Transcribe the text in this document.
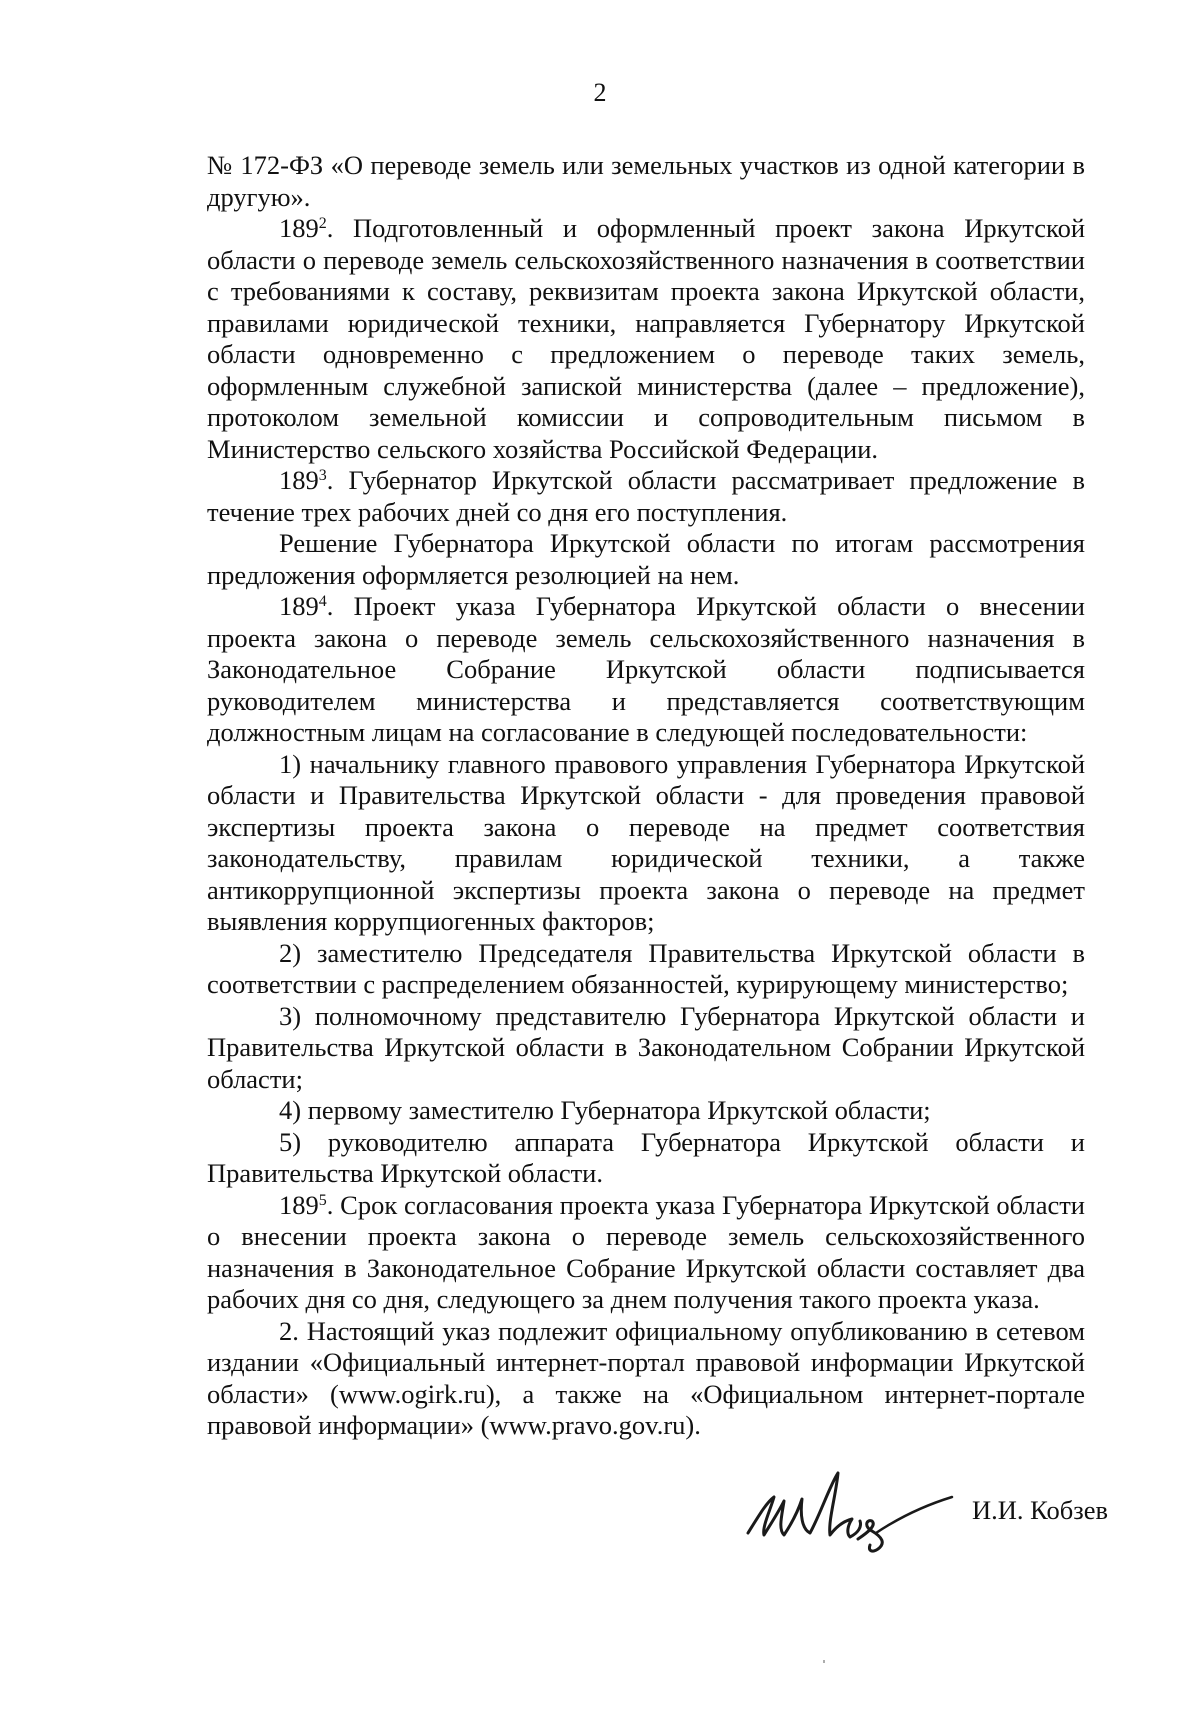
2

№ 172-ФЗ «О переводе земель или земельных участков из одной категории в другую».

$189^2$. Подготовленный и оформленный проект закона Иркутской области о переводе земель сельскохозяйственного назначения в соответствии с требованиями к составу, реквизитам проекта закона Иркутской области, правилами юридической техники, направляется Губернатору Иркутской области одновременно с предложением о переводе таких земель, оформленным служебной запиской министерства (далее – предложение), протоколом земельной комиссии и сопроводительным письмом в Министерство сельского хозяйства Российской Федерации.

$189^3$. Губернатор Иркутской области рассматривает предложение в течение трех рабочих дней со дня его поступления.

Решение Губернатора Иркутской области по итогам рассмотрения предложения оформляется резолюцией на нем.

$189^4$. Проект указа Губернатора Иркутской области о внесении проекта закона о переводе земель сельскохозяйственного назначения в Законодательное Собрание Иркутской области подписывается руководителем министерства и представляется соответствующим должностным лицам на согласование в следующей последовательности:

1) начальнику главного правового управления Губернатора Иркутской области и Правительства Иркутской области - для проведения правовой экспертизы проекта закона о переводе на предмет соответствия законодательству, правилам юридической техники, а также антикоррупционной экспертизы проекта закона о переводе на предмет выявления коррупциогенных факторов;

2) заместителю Председателя Правительства Иркутской области в соответствии с распределением обязанностей, курирующему министерство;

3) полномочному представителю Губернатора Иркутской области и Правительства Иркутской области в Законодательном Собрании Иркутской области;

4) первому заместителю Губернатора Иркутской области;

5) руководителю аппарата Губернатора Иркутской области и Правительства Иркутской области.

$189^5$. Срок согласования проекта указа Губернатора Иркутской области о внесении проекта закона о переводе земель сельскохозяйственного назначения в Законодательное Собрание Иркутской области составляет два рабочих дня со дня, следующего за днем получения такого проекта указа.

2. Настоящий указ подлежит официальному опубликованию в сетевом издании «Официальный интернет-портал правовой информации Иркутской области» (www.ogirk.ru), а также на «Официальном интернет-портале правовой информации» (www.pravo.gov.ru).

И.И. Кобзев
